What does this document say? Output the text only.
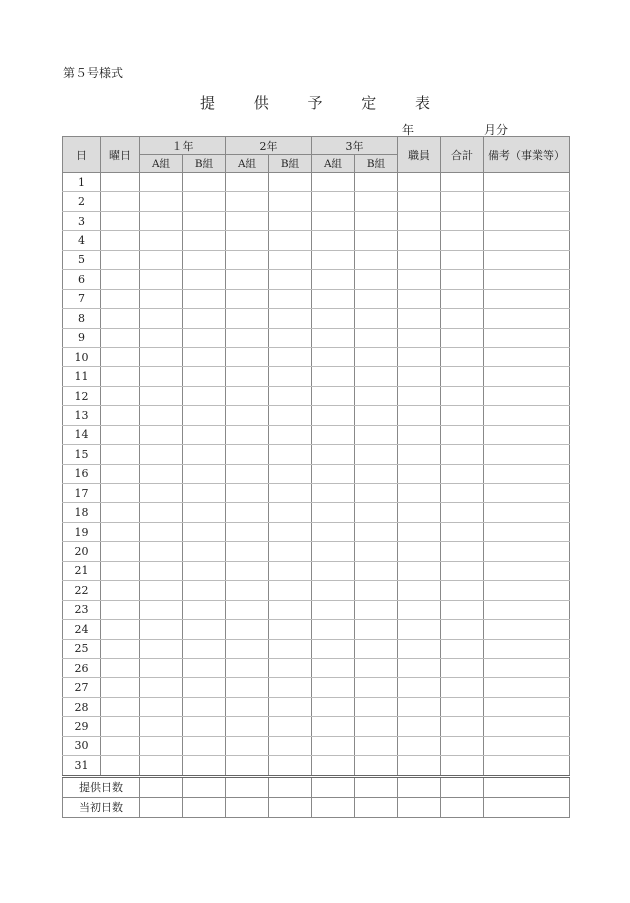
第５号様式
提 供 予 定 表
年	月分
日	曜日	１年		2年		3年		職員	合計	備考（事業等）
		A組	B組	A組	B組	A組	B組			
1										
2										
3										
4										
5										
6										
7										
8										
9										
10										
11										
12										
13										
14										
15										
16										
17										
18										
19										
20										
21										
22										
23										
24										
25										
26										
27										
28										
29										
30										
31										
提供日数										
当初日数										
